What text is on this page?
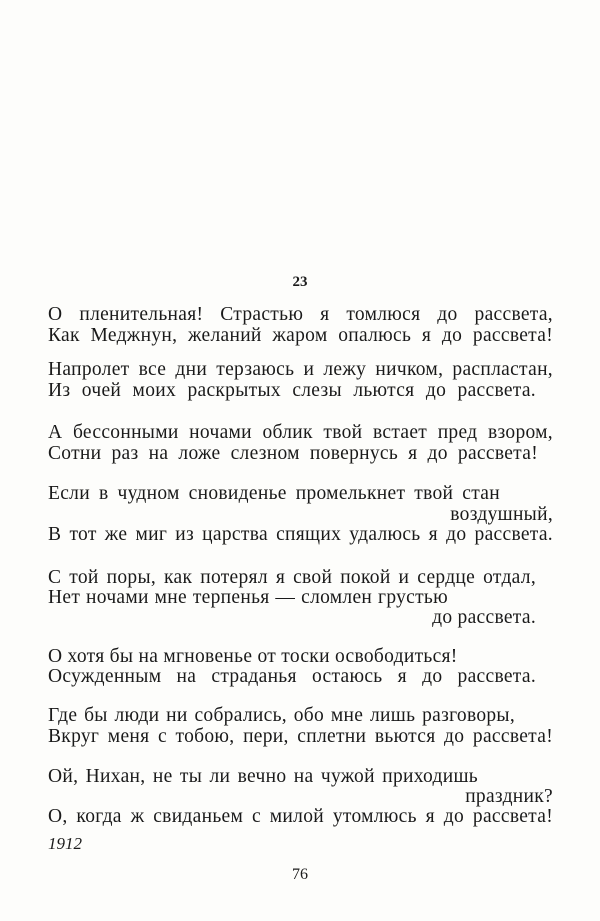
23
О пленительная! Страстью я томлюся до рассвета,
Как Меджнун, желаний жаром опалюсь я до рассвета!
Напролет все дни терзаюсь и лежу ничком, распластан,
Из очей моих раскрытых слезы льются до рассвета.
А бессонными ночами облик твой встает пред взором,
Сотни раз на ложе слезном повернусь я до рассвета!
Если в чудном сновиденье промелькнет твой стан
воздушный,
В тот же миг из царства спящих удалюсь я до рассвета.
С той поры, как потерял я свой покой и сердце отдал,
Нет ночами мне терпенья — сломлен грустью
до рассвета.
О хотя бы на мгновенье от тоски освободиться!
Осужденным на страданья остаюсь я до рассвета.
Где бы люди ни собрались, обо мне лишь разговоры,
Вкруг меня с тобою, пери, сплетни вьются до рассвета!
Ой, Нихан, не ты ли вечно на чужой приходишь
праздник?
О, когда ж свиданьем с милой утомлюсь я до рассвета!
1912
76
